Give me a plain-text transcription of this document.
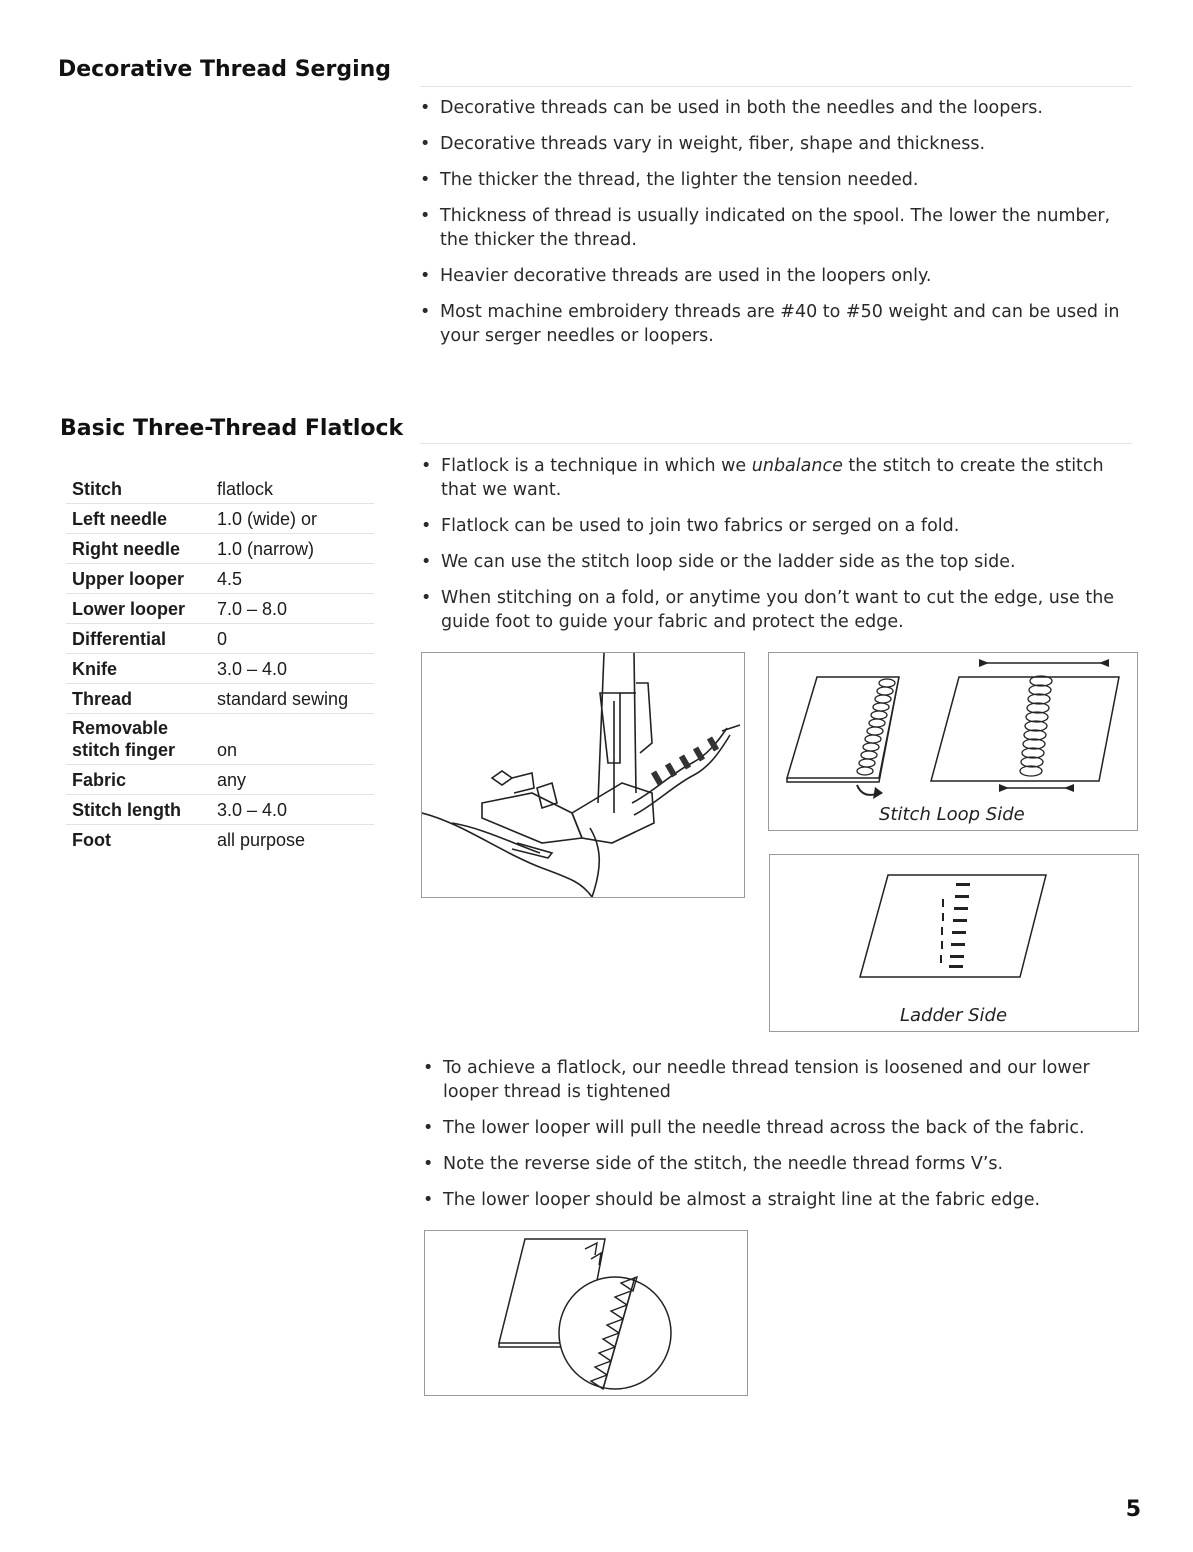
Decorative Thread Serging
• Decorative threads can be used in both the needles and the loopers.
• Decorative threads vary in weight, fiber, shape and thickness.
• The thicker the thread, the lighter the tension needed.
• Thickness of thread is usually indicated on the spool. The lower the number, the thicker the thread.
• Heavier decorative threads are used in the loopers only.
• Most machine embroidery threads are #40 to #50 weight and can be used in your serger needles or loopers.
Basic Three-Thread Flatlock
Stitch	flatlock
Left needle	1.0 (wide) or
Right needle	1.0 (narrow)
Upper looper	4.5
Lower looper	7.0 – 8.0
Differential	0
Knife	3.0 – 4.0
Thread	standard sewing
Removable stitch finger	on
Fabric	any
Stitch length	3.0 – 4.0
Foot	all purpose
• Flatlock is a technique in which we unbalance the stitch to create the stitch that we want.
• Flatlock can be used to join two fabrics or serged on a fold.
• We can use the stitch loop side or the ladder side as the top side.
• When stitching on a fold, or anytime you don’t want to cut the edge, use the guide foot to guide your fabric and protect the edge.
Stitch Loop Side
Ladder Side
• To achieve a flatlock, our needle thread tension is loosened and our lower looper thread is tightened
• The lower looper will pull the needle thread across the back of the fabric.
• Note the reverse side of the stitch, the needle thread forms V’s.
• The lower looper should be almost a straight line at the fabric edge.
5
